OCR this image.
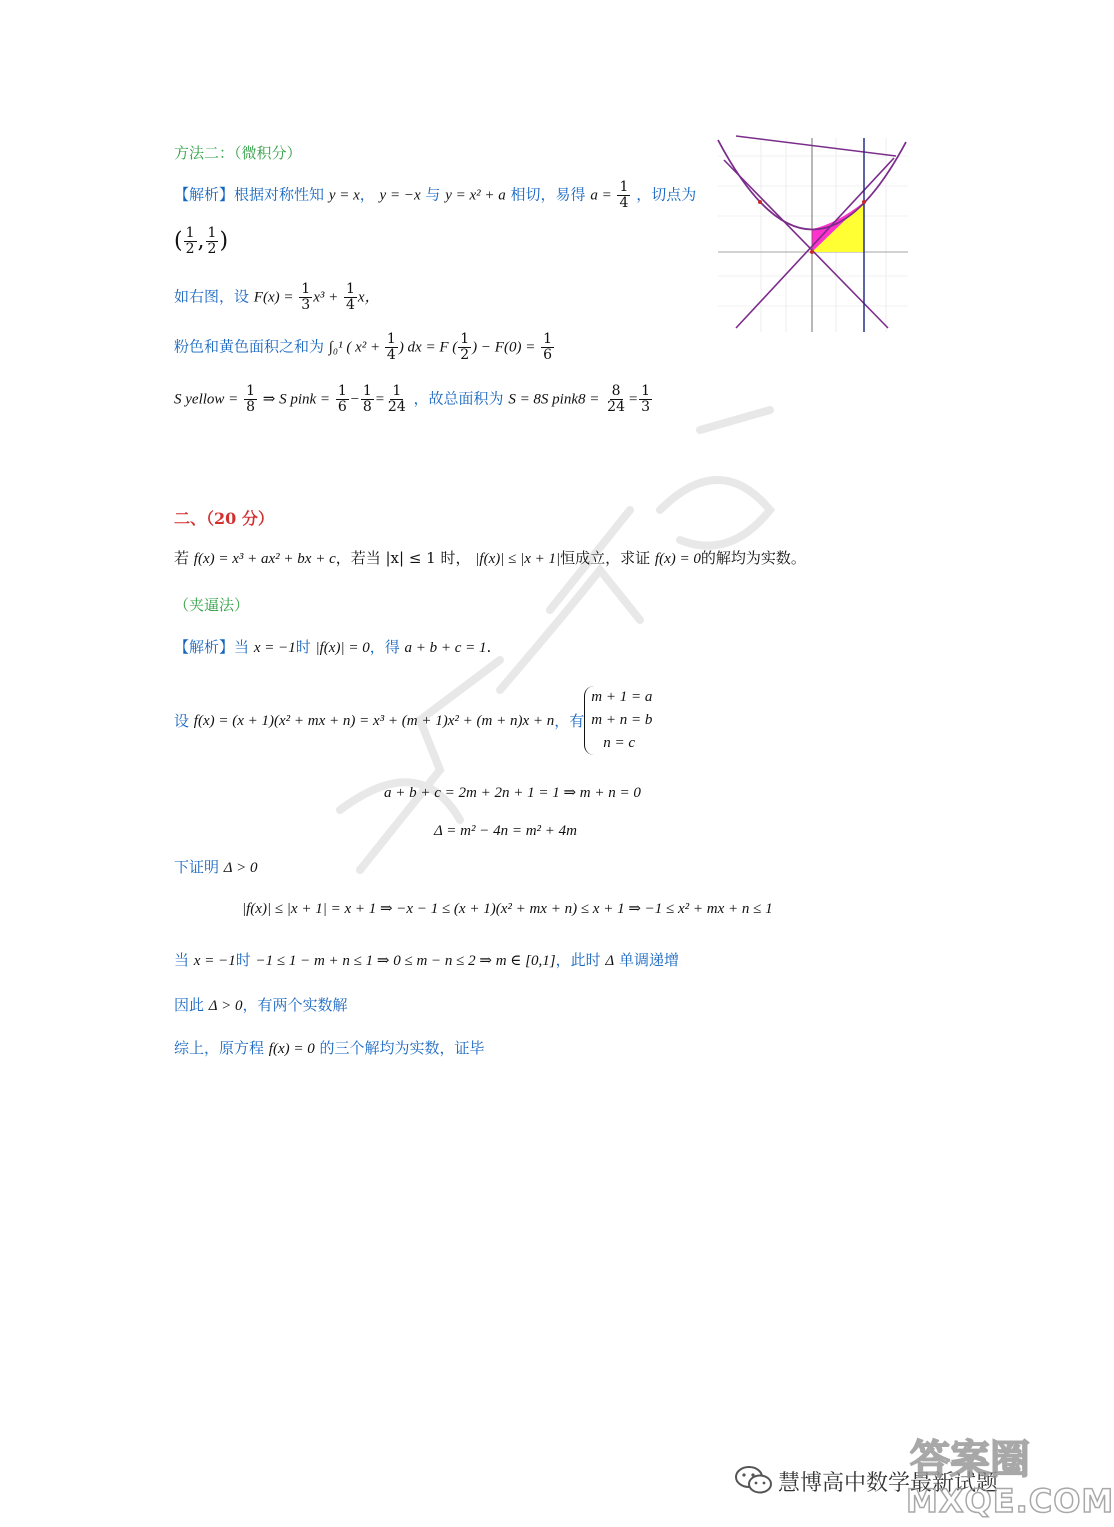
方法二：（微积分）
【解析】根据对称性知 y = x， y = −x 与 y = x² + a 相切，易得 $a = \frac{1}{4}$ ，切点为
( $\frac{1}{2}$ , $\frac{1}{2}$ )
如右图，设 $F(x) = \frac{1}{3} x^3 + \frac{1}{4}$ x，
粉色和黄色面积之和为 ∫₀¹ ( $x^2 + \frac{1}{4}$ ) dx = F ( $\frac{1}{2}$ ) − $F(0) = \frac{1}{6}$
S yellow = $\frac{1}{8}$ ⇒ S pink = $\frac{1}{6} - \frac{1}{8} = \frac{1}{24}$ ，故总面积为 S = 8S pink8 = $\frac{8}{24} = \frac{1}{3}$
二、（20 分）
若 f(x) = x³ + ax² + bx + c，若当 |x| ≤ 1 时， |f(x)| ≤ |x + 1|恒成立，求证 f(x) = 0的解均为实数。
（夹逼法）
【解析】当 x = −1时 |f(x)| = 0，得 a + b + c = 1.
设
f(x) = (x + 1)(x² + mx + n) = x³ + (m + 1)x² + (m + n)x + n ，有
m + 1 = a
m + n = b
n = c
a + b + c = 2m + 2n + 1 = 1 ⇒ m + n = 0
Δ = m² − 4n = m² + 4m
下证明 Δ > 0
|f(x)| ≤ |x + 1| = x + 1 ⇒ −x − 1 ≤ (x + 1)(x² + mx + n) ≤ x + 1 ⇒ −1 ≤ x² + mx + n ≤ 1
当 x = −1时 −1 ≤ 1 − m + n ≤ 1 ⇒ 0 ≤ m − n ≤ 2 ⇒ m ∈ [0,1]，此时 Δ 单调递增
因此 Δ > 0，有两个实数解
综上，原方程 f(x) = 0 的三个解均为实数，证毕
慧博高中数学最新试题
答案圈
MXQE.COM
